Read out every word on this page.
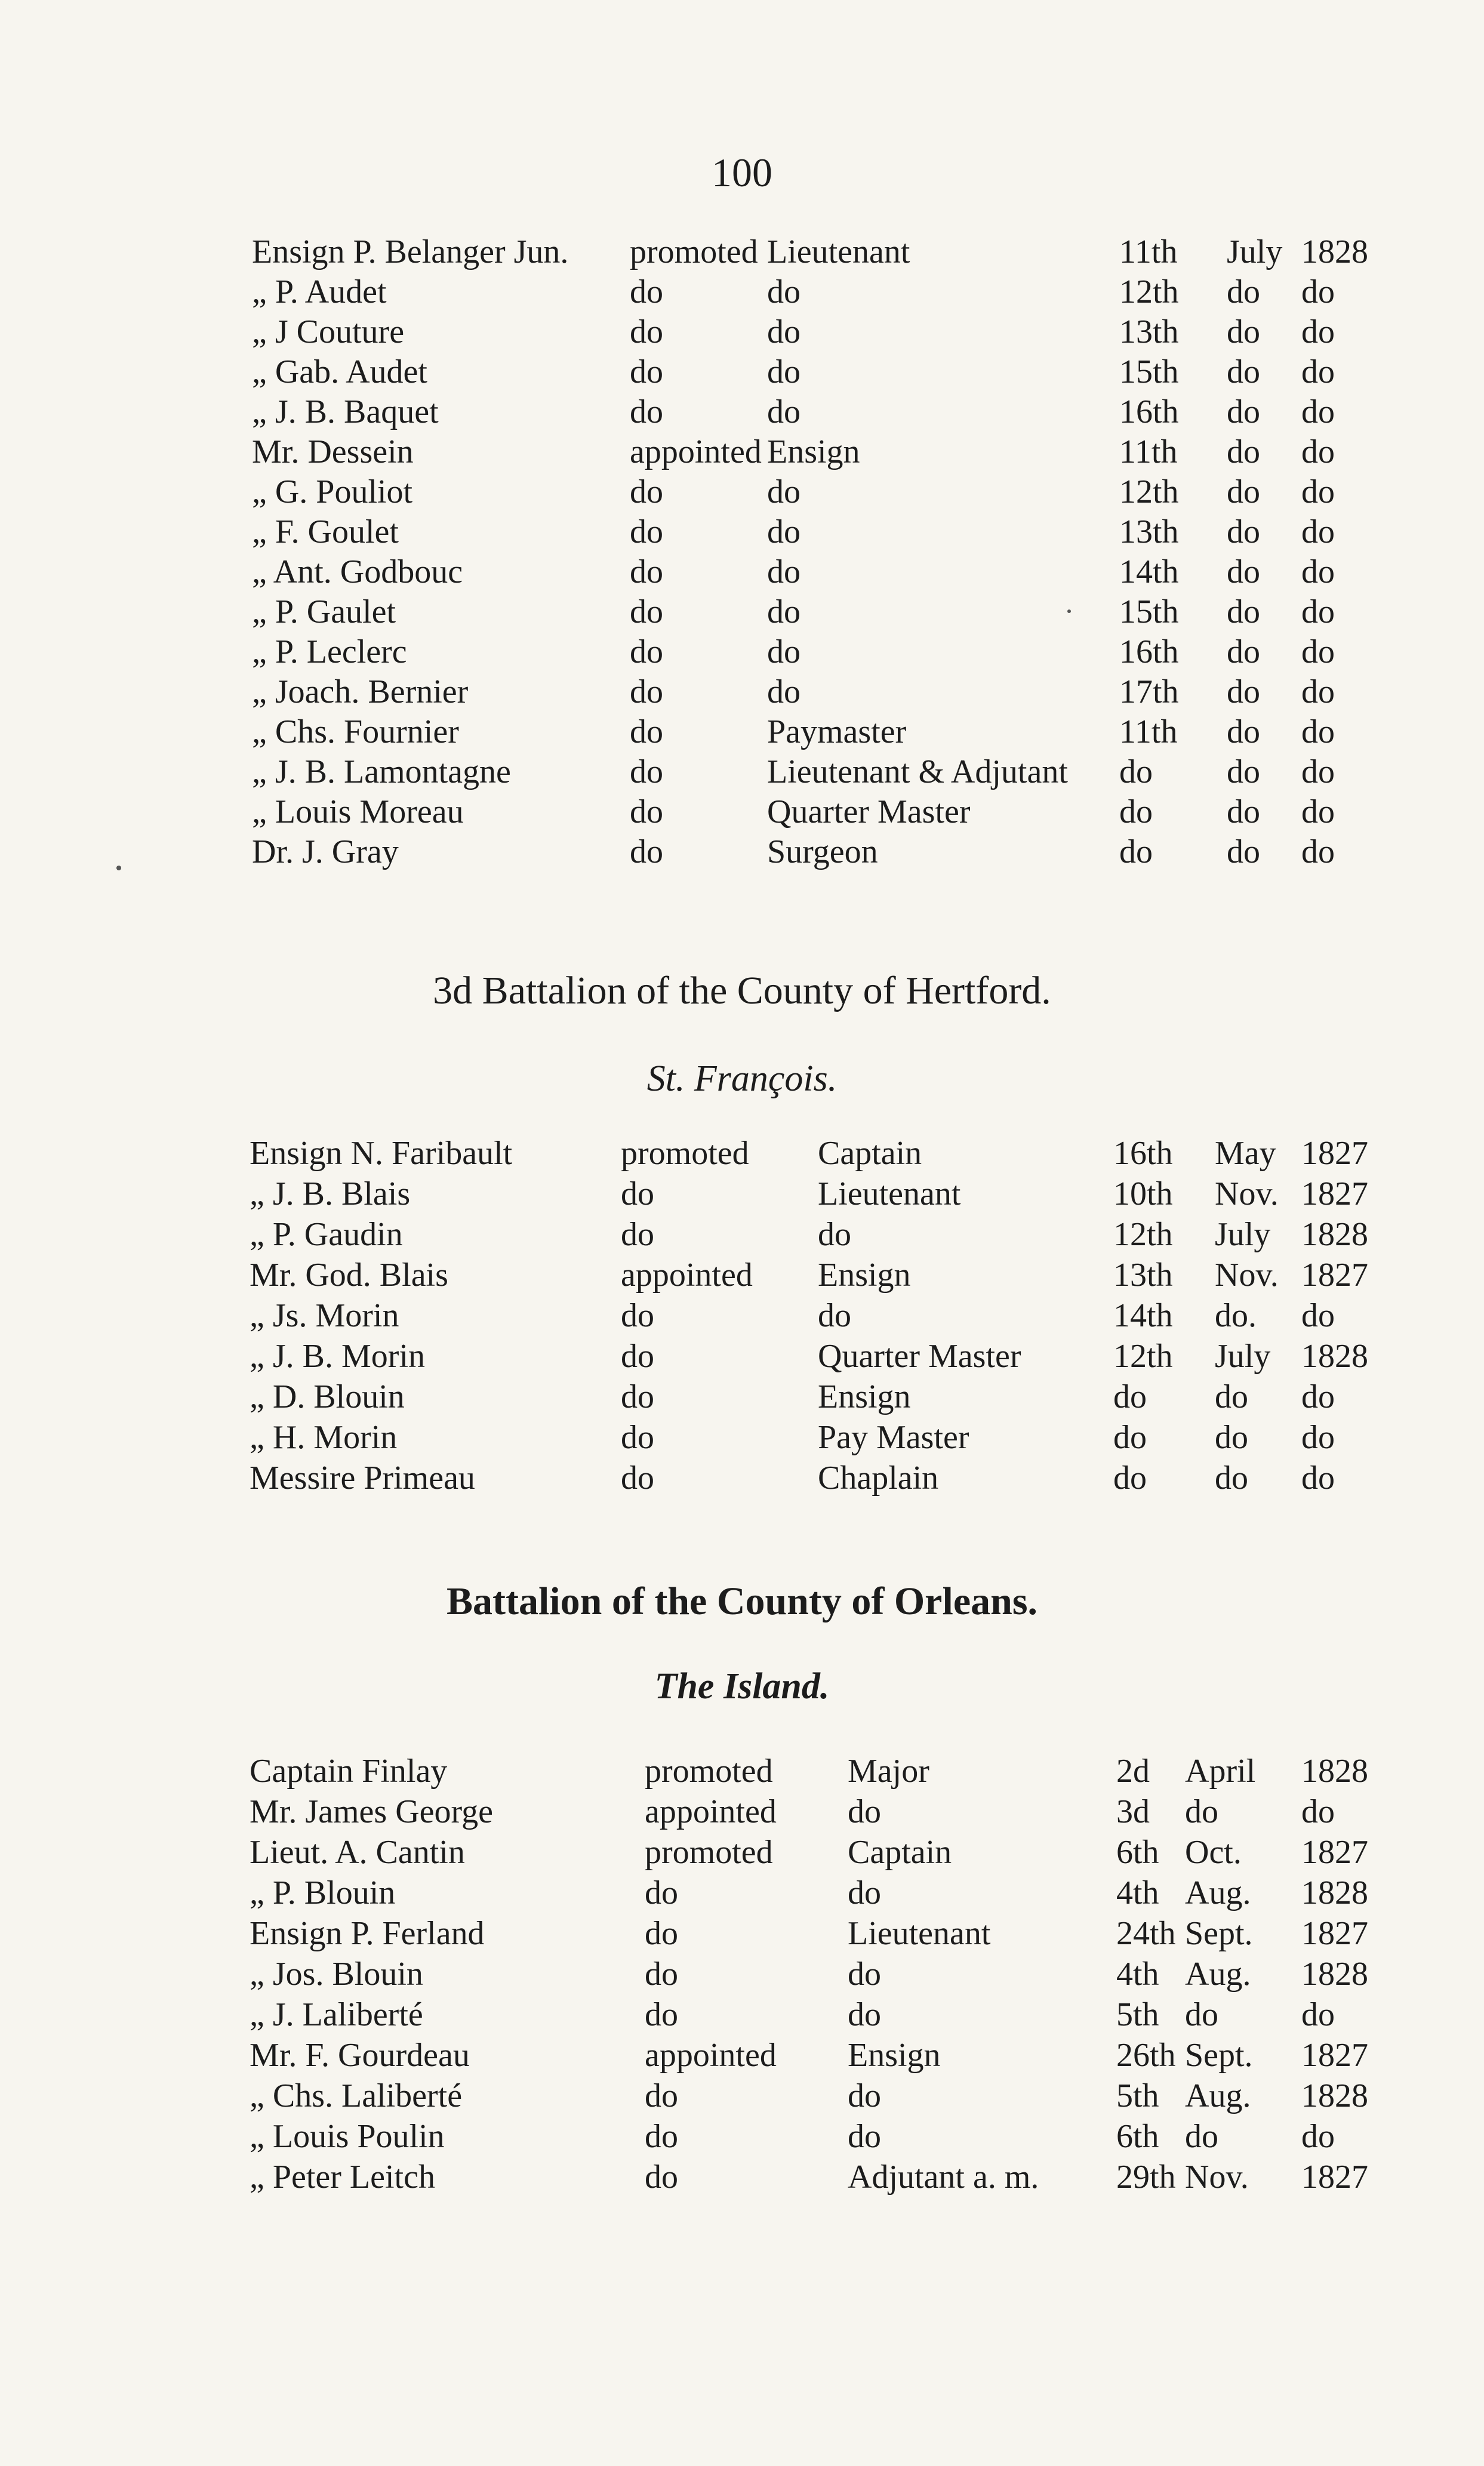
100
Ensign P. Belanger Jun. promoted Lieutenant	11th July 1828
„ P. Audet	do	do	12th do do
„ J Couture	do	do	13th do do
„ Gab. Audet	do	do	15th do do
„ J. B. Baquet	do	do	16th do do
Mr. Dessein	appointed Ensign	11th do do
„ G. Pouliot	do	do	12th do do
„ F. Goulet	do	do	13th do do
„ Ant. Godbouc	do	do	14th do do
„ P. Gaulet	do	do	15th do do
„ P. Leclerc	do	do	16th do do
„ Joach. Bernier	do	do	17th do do
„ Chs. Fournier	do	Paymaster	11th do do
„ J. B. Lamontagne	do	Lieutenant & Adjutant do do do
„ Louis Moreau	do	Quarter Master	do do do
Dr. J. Gray	do	Surgeon	do do do
3d Battalion of the County of Hertford.
St. François.
Ensign N. Faribault	promoted Captain	16th May 1827
„ J. B. Blais	do	Lieutenant	10th Nov. 1827
„ P. Gaudin	do	do	12th July 1828
Mr. God. Blais	appointed Ensign	13th Nov. 1827
„ Js. Morin	do	do	14th do. do
„ J. B. Morin	do	Quarter Master	12th July 1828
„ D. Blouin	do	Ensign	do do do
„ H. Morin	do	Pay Master	do do do
Messire Primeau	do	Chaplain	do do do
Battalion of the County of Orleans.
The Island.
Captain Finlay	promoted Major	2d April 1828
Mr. James George	appointed do	3d do do
Lieut. A. Cantin	promoted Captain	6th Oct. 1827
„ P. Blouin	do	do	4th Aug. 1828
Ensign P. Ferland	do	Lieutenant	24th Sept. 1827
„ Jos. Blouin	do	do	4th Aug. 1828
„ J. Laliberté	do	do	5th do do
Mr. F. Gourdeau	appointed Ensign	26th Sept. 1827
„ Chs. Laliberté	do	do	5th Aug. 1828
„ Louis Poulin	do	do	6th do do
„ Peter Leitch	do	Adjutant a. m. 29th Nov. 1827
